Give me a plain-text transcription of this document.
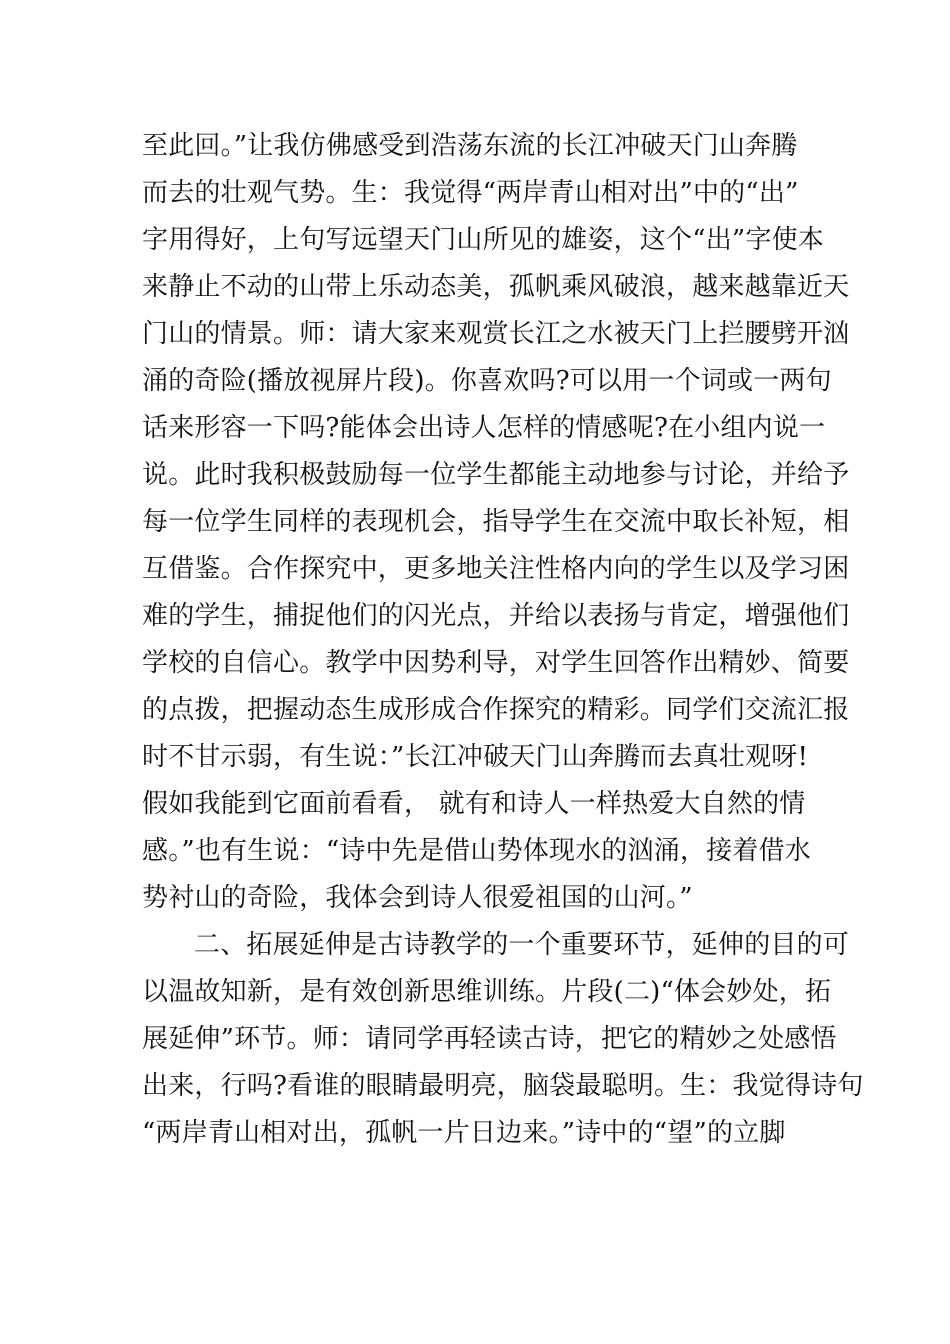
至此回。”让我仿佛感受到浩荡东流的长江冲破天门山奔腾
而去的壮观气势。生：我觉得“两岸青山相对出”中的“出”
字用得好，上句写远望天门山所见的雄姿，这个“出”字使本
来静止不动的山带上乐动态美，孤帆乘风破浪，越来越靠近天
门山的情景。师：请大家来观赏长江之水被天门上拦腰劈开汹
涌的奇险(播放视屏片段)。你喜欢吗?可以用一个词或一两句
话来形容一下吗?能体会出诗人怎样的情感呢?在小组内说一
说。此时我积极鼓励每一位学生都能主动地参与讨论，并给予
每一位学生同样的表现机会，指导学生在交流中取长补短，相
互借鉴。合作探究中，更多地关注性格内向的学生以及学习困
难的学生，捕捉他们的闪光点，并给以表扬与肯定，增强他们
学校的自信心。教学中因势利导，对学生回答作出精妙、简要
的点拨，把握动态生成形成合作探究的精彩。同学们交流汇报
时不甘示弱，有生说：”长江冲破天门山奔腾而去真壮观呀!
假如我能到它面前看看， 就有和诗人一样热爱大自然的情
感。”也有生说：“诗中先是借山势体现水的汹涌，接着借水
势衬山的奇险，我体会到诗人很爱祖国的山河。”
二、拓展延伸是古诗教学的一个重要环节，延伸的目的可
以温故知新，是有效创新思维训练。片段(二)“体会妙处，拓
展延伸”环节。师：请同学再轻读古诗，把它的精妙之处感悟
出来，行吗?看谁的眼睛最明亮，脑袋最聪明。生：我觉得诗句
“两岸青山相对出，孤帆一片日边来。”诗中的“望”的立脚
